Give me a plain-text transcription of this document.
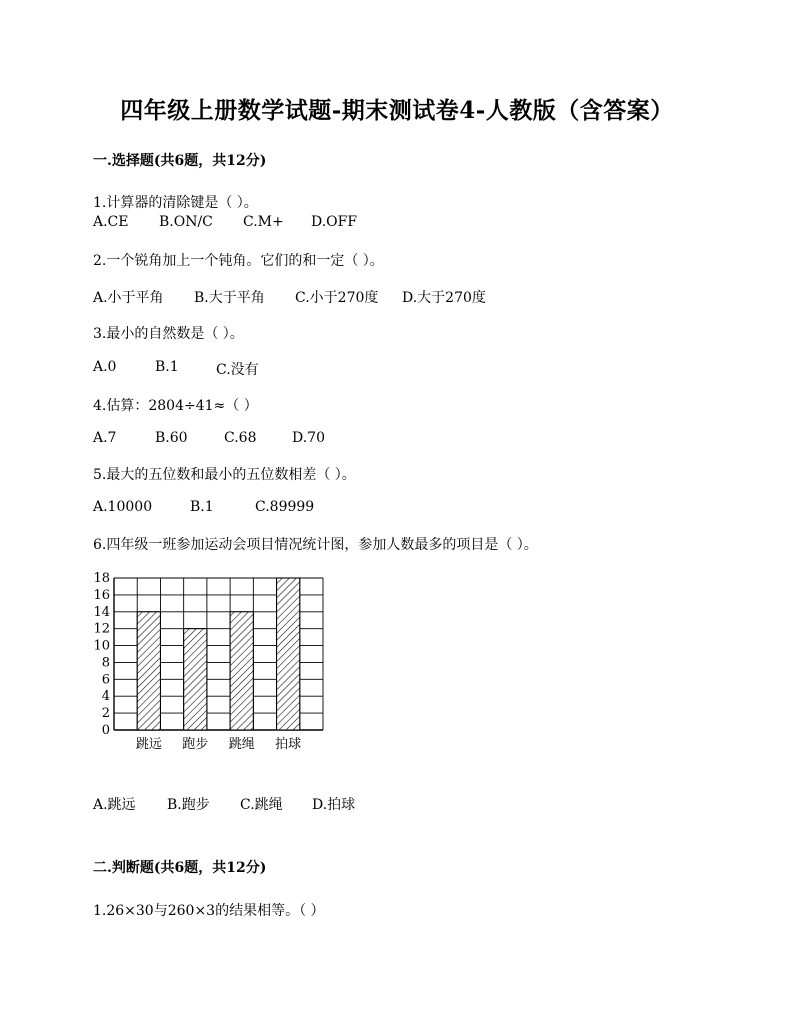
四年级上册数学试题-期末测试卷4-人教版（含答案）
一.选择题(共6题，共12分)
1.计算器的清除键是（ ）。
A.CE	B.ON/C	C.M+	D.OFF
2.一个锐角加上一个钝角。它们的和一定（ ）。
A.小于平角	B.大于平角	C.小于270度	D.大于270度
3.最小的自然数是（ ）。
A.0	B.1	C.没有
4.估算：2804÷41≈（ ）
A.7	B.60	C.68	D.70
5.最大的五位数和最小的五位数相差（ ）。
A.10000	B.1	C.89999
6.四年级一班参加运动会项目情况统计图，参加人数最多的项目是（ ）。
0
2
4
6
8
10
12
14
16
18
跳远 跑步 跳绳 拍球
A.跳远	B.跑步	C.跳绳	D.拍球
二.判断题(共6题，共12分)
1.26×30与260×3的结果相等。（ ）
